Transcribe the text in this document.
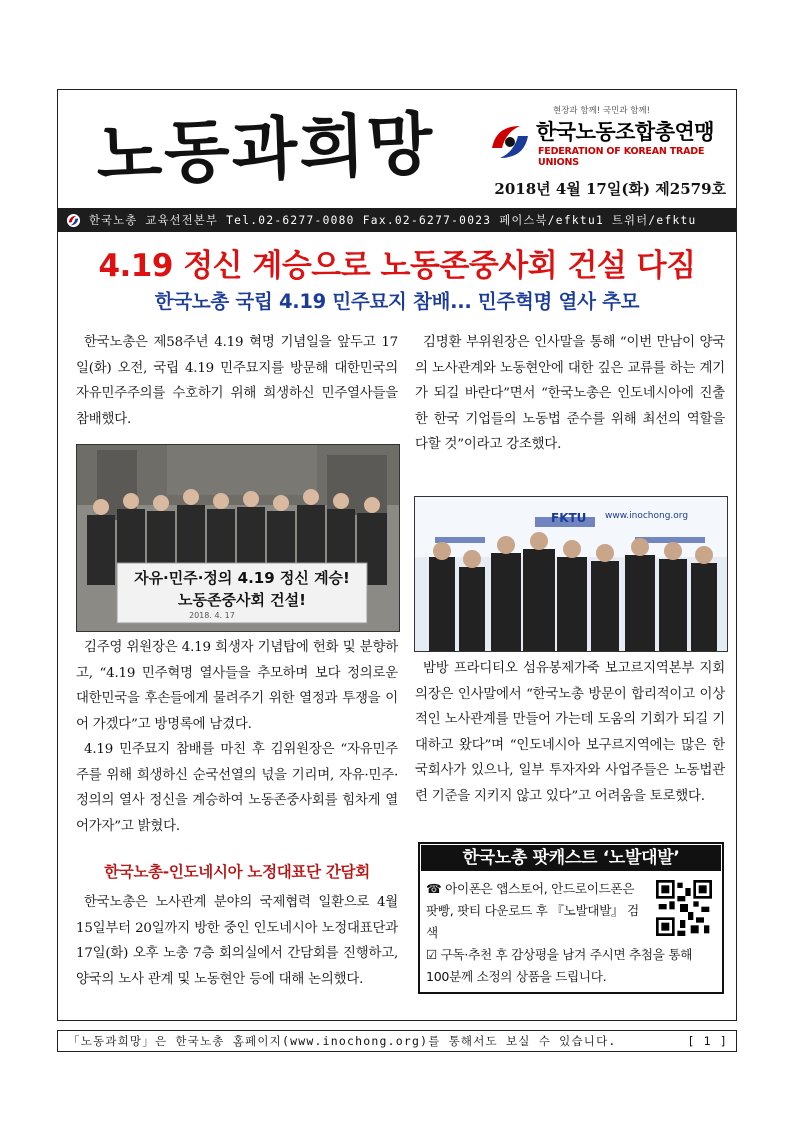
노동과희망	현장과 함께! 국민과 함께!
한국노동조합총연맹
FEDERATION OF KOREAN TRADE UNIONS
2018년 4월 17일(화) 제2579호
한국노총 교육선전본부 Tel.02-6277-0080 Fax.02-6277-0023 페이스북/efktu1 트위터/efktu
4.19 정신 계승으로 노동존중사회 건설 다짐
한국노총 국립 4.19 민주묘지 참배... 민주혁명 열사 추모

한국노총은 제58주년 4.19 혁명 기념일을 앞두고 17일(화) 오전, 국립 4.19 민주묘지를 방문해 대한민국의 자유민주주의를 수호하기 위해 희생하신 민주열사들을 참배했다.

자유·민주·정의 4.19 정신 계승!
노동존중사회 건설!
2018. 4. 17

김주영 위원장은 4.19 희생자 기념탑에 헌화 및 분향하고, “4.19 민주혁명 열사들을 추모하며 보다 정의로운 대한민국을 후손들에게 물려주기 위한 열정과 투쟁을 이어 가겠다”고 방명록에 남겼다.

4.19 민주묘지 참배를 마친 후 김위원장은 “자유민주주를 위해 희생하신 순국선열의 넋을 기리며, 자유·민주·정의의 열사 정신을 계승하여 노동존중사회를 힘차게 열어가자”고 밝혔다.

한국노총-인도네시아 노정대표단 간담회

한국노총은 노사관계 분야의 국제협력 일환으로 4월 15일부터 20일까지 방한 중인 인도네시아 노정대표단과 17일(화) 오후 노총 7층 회의실에서 간담회를 진행하고, 양국의 노사 관계 및 노동현안 등에 대해 논의했다.

김명환 부위원장은 인사말을 통해 “이번 만남이 양국의 노사관계와 노동현안에 대한 깊은 교류를 하는 계기가 되길 바란다”면서 “한국노총은 인도네시아에 진출한 한국 기업들의 노동법 준수를 위해 최선의 역할을 다할 것”이라고 강조했다.

FKTU www.inochong.org

밤방 프라디티오 섬유봉제가죽 보고르지역본부 지회 의장은 인사말에서 “한국노총 방문이 합리적이고 이상적인 노사관계를 만들어 가는데 도움의 기회가 되길 기대하고 왔다”며 “인도네시아 보구르지역에는 많은 한국회사가 있으나, 일부 투자자와 사업주들은 노동법관련 기준을 지키지 않고 있다”고 어려움을 토로했다.

한국노총 팟캐스트 ‘노발대발’
☎ 아이폰은 앱스토어, 안드로이드폰은 팟빵, 팟티 다운로드 후 『노발대발』 검색
☑ 구독·추천 후 감상평을 남겨 주시면 추첨을 통해 100분께 소정의 상품을 드립니다.
「노동과희망」은 한국노총 홈페이지(www.inochong.org)를 통해서도 보실 수 있습니다.	[ 1 ]
